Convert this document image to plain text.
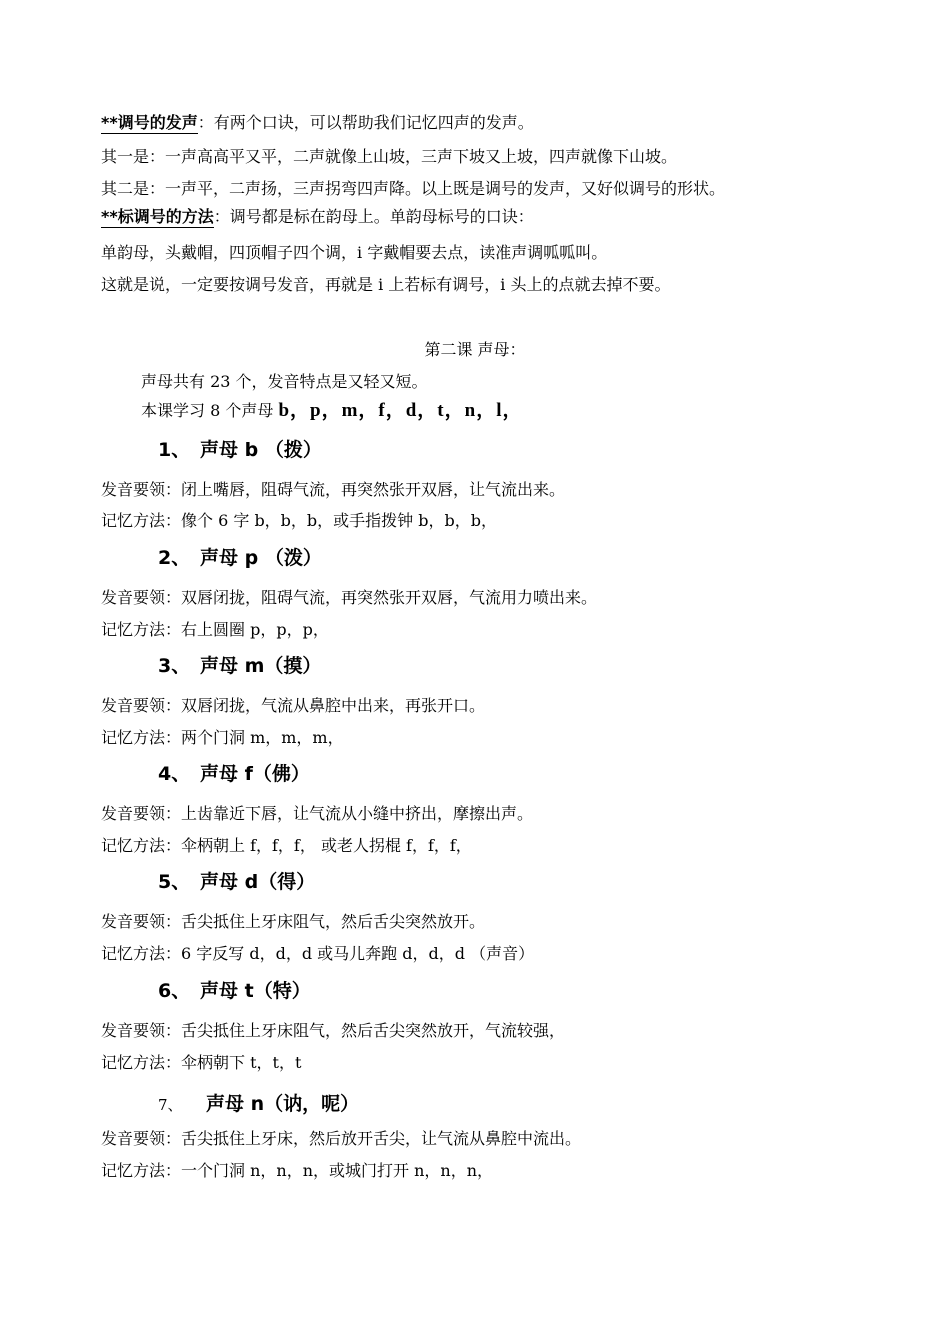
**调号的发声：有两个口诀，可以帮助我们记忆四声的发声。
其一是：一声高高平又平，二声就像上山坡，三声下坡又上坡，四声就像下山坡。
其二是：一声平，二声扬，三声拐弯四声降。以上既是调号的发声，又好似调号的形状。
**标调号的方法：调号都是标在韵母上。单韵母标号的口诀：
单韵母，头戴帽，四顶帽子四个调，i 字戴帽要去点，读准声调呱呱叫。
这就是说，一定要按调号发音，再就是 i 上若标有调号，i 头上的点就去掉不要。
第二课 声母：
声母共有 23 个，发音特点是又轻又短。
本课学习 8 个声母 b，p，m，f，d，t，n，l，
1、 声母 b （拨）
发音要领：闭上嘴唇，阻碍气流，再突然张开双唇，让气流出来。
记忆方法：像个 6 字 b，b，b，或手指拨钟 b，b，b，
2、 声母 p （泼）
发音要领：双唇闭拢，阻碍气流，再突然张开双唇，气流用力喷出来。
记忆方法：右上圆圈 p，p，p，
3、 声母 m（摸）
发音要领：双唇闭拢，气流从鼻腔中出来，再张开口。
记忆方法：两个门洞 m，m，m，
4、 声母 f（佛）
发音要领：上齿靠近下唇，让气流从小缝中挤出，摩擦出声。
记忆方法：伞柄朝上 f，f，f， 或老人拐棍 f，f，f，
5、 声母 d（得）
发音要领：舌尖抵住上牙床阻气，然后舌尖突然放开。
记忆方法：6 字反写 d，d，d 或马儿奔跑 d，d，d （声音）
6、 声母 t（特）
发音要领：舌尖抵住上牙床阻气，然后舌尖突然放开，气流较强，
记忆方法：伞柄朝下 t，t，t
7、 声母 n（讷，呢）
发音要领：舌尖抵住上牙床，然后放开舌尖，让气流从鼻腔中流出。
记忆方法：一个门洞 n，n，n，或城门打开 n，n，n，
